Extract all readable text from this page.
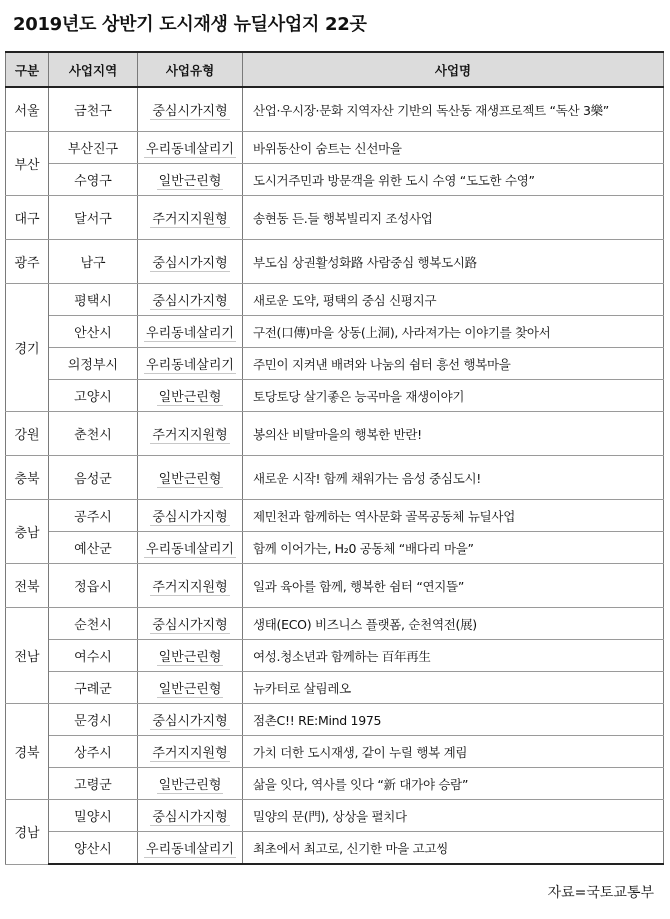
2019년도 상반기 도시재생 뉴딜사업지 22곳
구분	사업지역	사업유형	사업명
서울	금천구	중심시가지형	산업·우시장·문화 지역자산 기반의 독산동 재생프로젝트 “독산 3樂”
부산	부산진구	우리동네살리기	바위동산이 숨트는 신선마을
	수영구	일반근린형	도시거주민과 방문객을 위한 도시 수영 “도도한 수영”
대구	달서구	주거지지원형	송현동 든.들 행복빌리지 조성사업
광주	남구	중심시가지형	부도심 상권활성화路 사람중심 행복도시路
경기	평택시	중심시가지형	새로운 도약, 평택의 중심 신평지구
	안산시	우리동네살리기	구전(口傳)마을 상동(上洞), 사라져가는 이야기를 찾아서
	의정부시	우리동네살리기	주민이 지켜낸 배려와 나눔의 쉼터 흥선 행복마을
	고양시	일반근린형	토당토당 살기좋은 능곡마을 재생이야기
강원	춘천시	주거지지원형	봉의산 비탈마을의 행복한 반란!
충북	음성군	일반근린형	새로운 시작! 함께 채워가는 음성 중심도시!
충남	공주시	중심시가지형	제민천과 함께하는 역사문화 골목공동체 뉴딜사업
	예산군	우리동네살리기	함께 이어가는, H₂0 공동체 “배다리 마을”
전북	정읍시	주거지지원형	일과 육아를 함께, 행복한 쉼터 “연지뜰”
전남	순천시	중심시가지형	생태(ECO) 비즈니스 플랫폼, 순천역전(展)
	여수시	일반근린형	여성.청소년과 함께하는 百年再生
	구례군	일반근린형	뉴카터로 살림레오
경북	문경시	중심시가지형	점촌C!! RE:Mind 1975
	상주시	주거지지원형	가치 더한 도시재생, 같이 누릴 행복 계림
	고령군	일반근린형	삶을 잇다, 역사를 잇다 “新 대가야 승람”
경남	밀양시	중심시가지형	밀양의 문(門), 상상을 펼치다
	양산시	우리동네살리기	최초에서 최고로, 신기한 마을 고고씽
자료=국토교통부
